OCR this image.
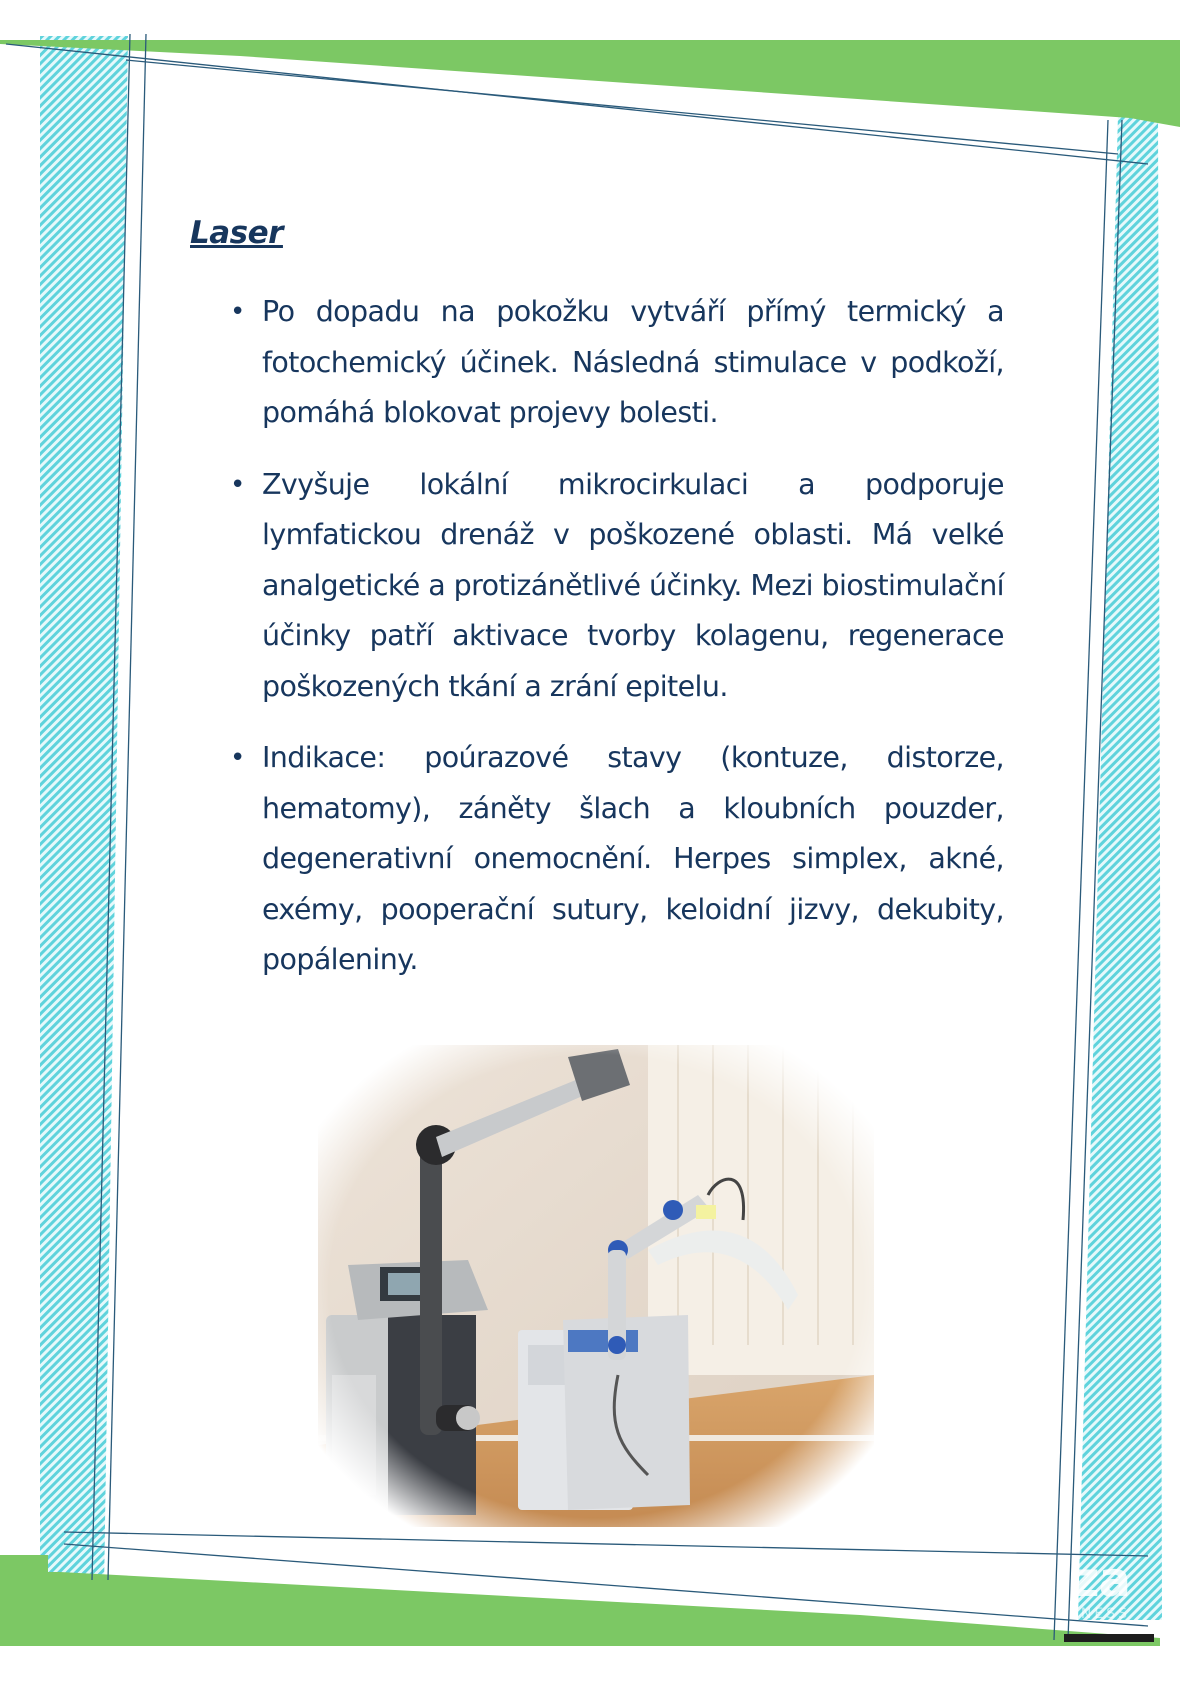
Laser
• Po dopadu na pokožku vytváří přímý termický a fotochemický účinek. Následná stimulace v podkoží, pomáhá blokovat projevy bolesti.
• Zvyšuje lokální mikrocirkulaci a podporuje lymfatickou drenáž v poškozené oblasti. Má velké analgetické a protizánětlivé účinky. Mezi biostimulační účinky patří aktivace tvorby kolagenu, regenerace poškozených tkání a zrání epitelu.
• Indikace: poúrazové stavy (kontuze, distorze, hematomy), záněty šlach a kloubních pouzder, degenerativní onemocnění. Herpes simplex, akné, exémy, pooperační sutury, keloidní jizvy, dekubity, popáleniny.
za
INESS
